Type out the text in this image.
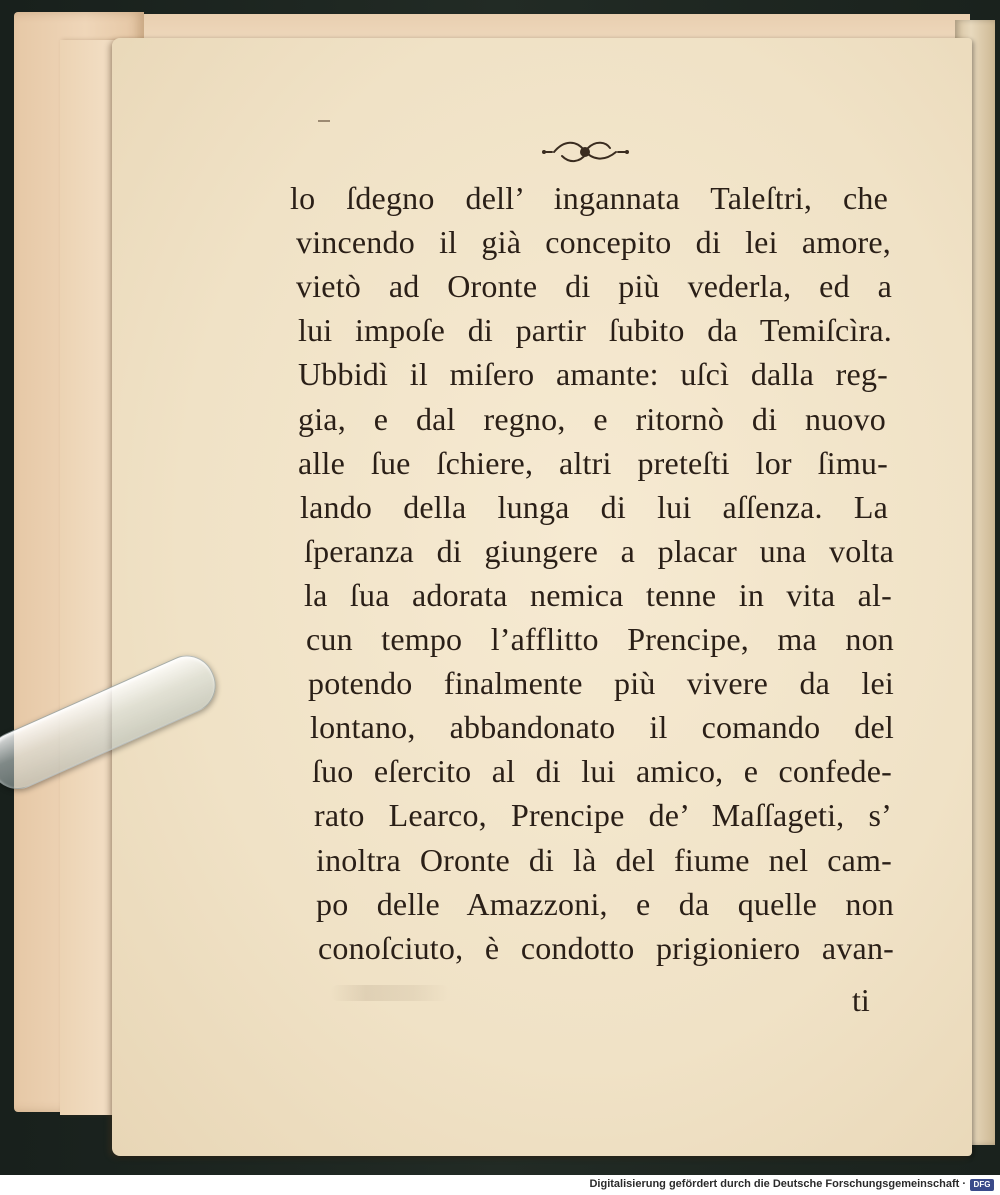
lo ſdegno dell’ ingannata Taleſtri, che
vincendo il già concepito di lei amore,
vietò ad Oronte di più vederla, ed a
lui impoſe di partir ſubito da Temiſcìra.
Ubbidì il miſero amante: uſcì dalla reg-
gia, e dal regno, e ritornò di nuovo
alle ſue ſchiere, altri preteſti lor ſimu-
lando della lunga di lui aſſenza. La
ſperanza di giungere a placar una volta
la ſua adorata nemica tenne in vita al-
cun tempo l’afflitto Prencipe, ma non
potendo finalmente più vivere da lei
lontano, abbandonato il comando del
ſuo eſercito al di lui amico, e confede-
rato Learco, Prencipe de’ Maſſageti, s’
inoltra Oronte di là del fiume nel cam-
po delle Amazzoni, e da quelle non
conoſciuto, è condotto prigioniero avan-
ti
Digitalisierung gefördert durch die Deutsche Forschungsgemeinschaft · DFG
